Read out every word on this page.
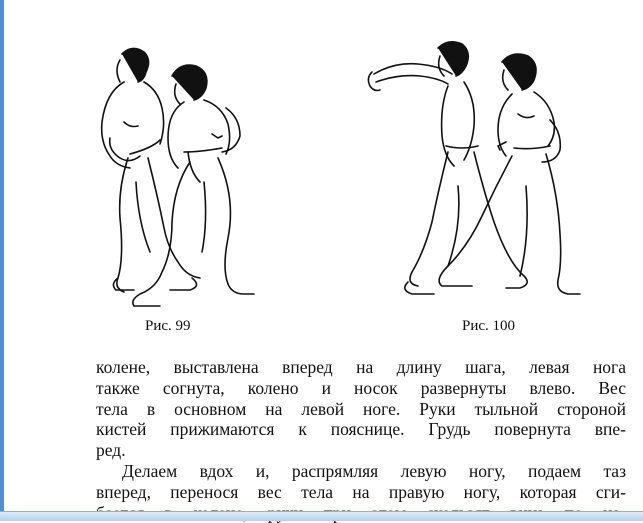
Рис. 99	Рис. 100

колене, выставлена вперед на длину шага, левая нога
также согнута, колено и носок развернуты влево. Вес
тела в основном на левой ноге. Руки тыльной стороной
кистей прижимаются к пояснице. Грудь повернута впе-
ред.

Делаем вдох и, распрямляя левую ногу, подаем таз
вперед, перенося вес тела на правую ногу, которая сги-
